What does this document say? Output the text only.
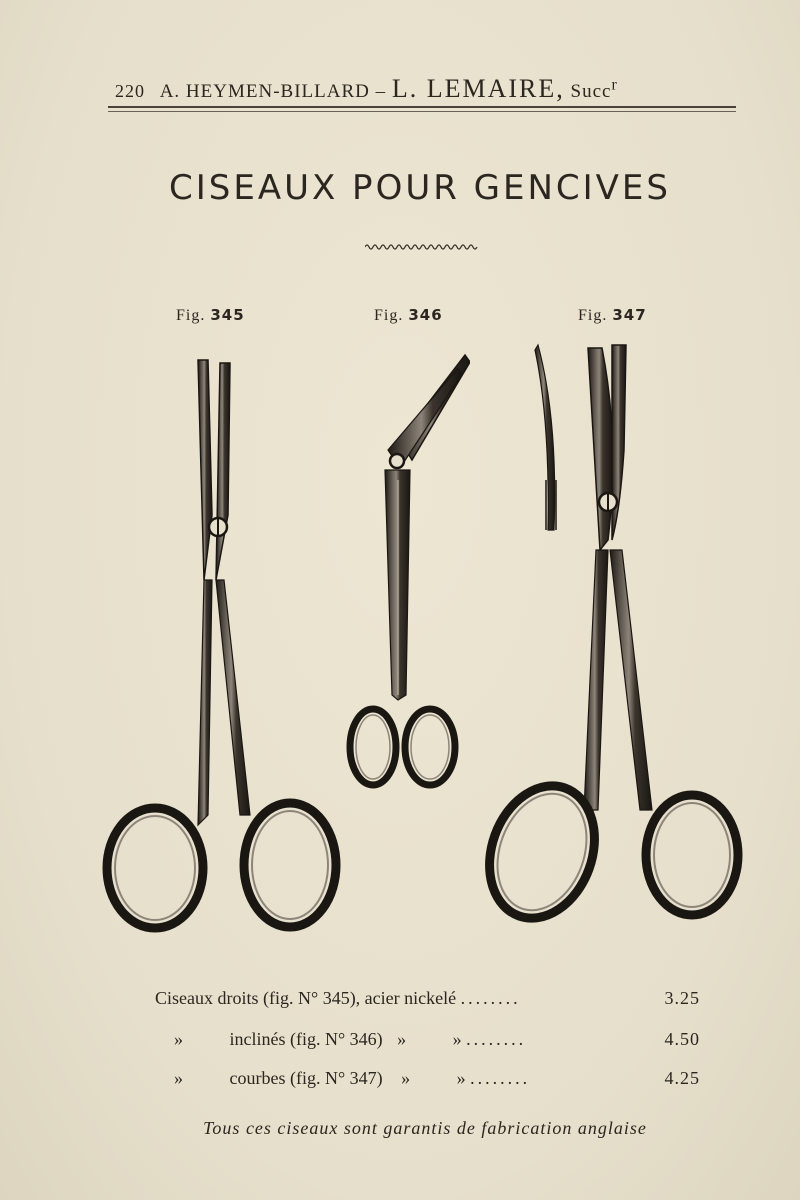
220 A. HEYMEN-BILLARD – L. LEMAIRE, Succ$^r$
CISEAUX POUR GENCIVES
Fig. 345	Fig. 346	Fig. 347
Ciseaux droits (fig. N° 345), acier nickelé ........	3.25
»	inclinés (fig. N° 346) »	» ........	4.50
»	courbes (fig. N° 347) »	» ........	4.25
Tous ces ciseaux sont garantis de fabrication anglaise
